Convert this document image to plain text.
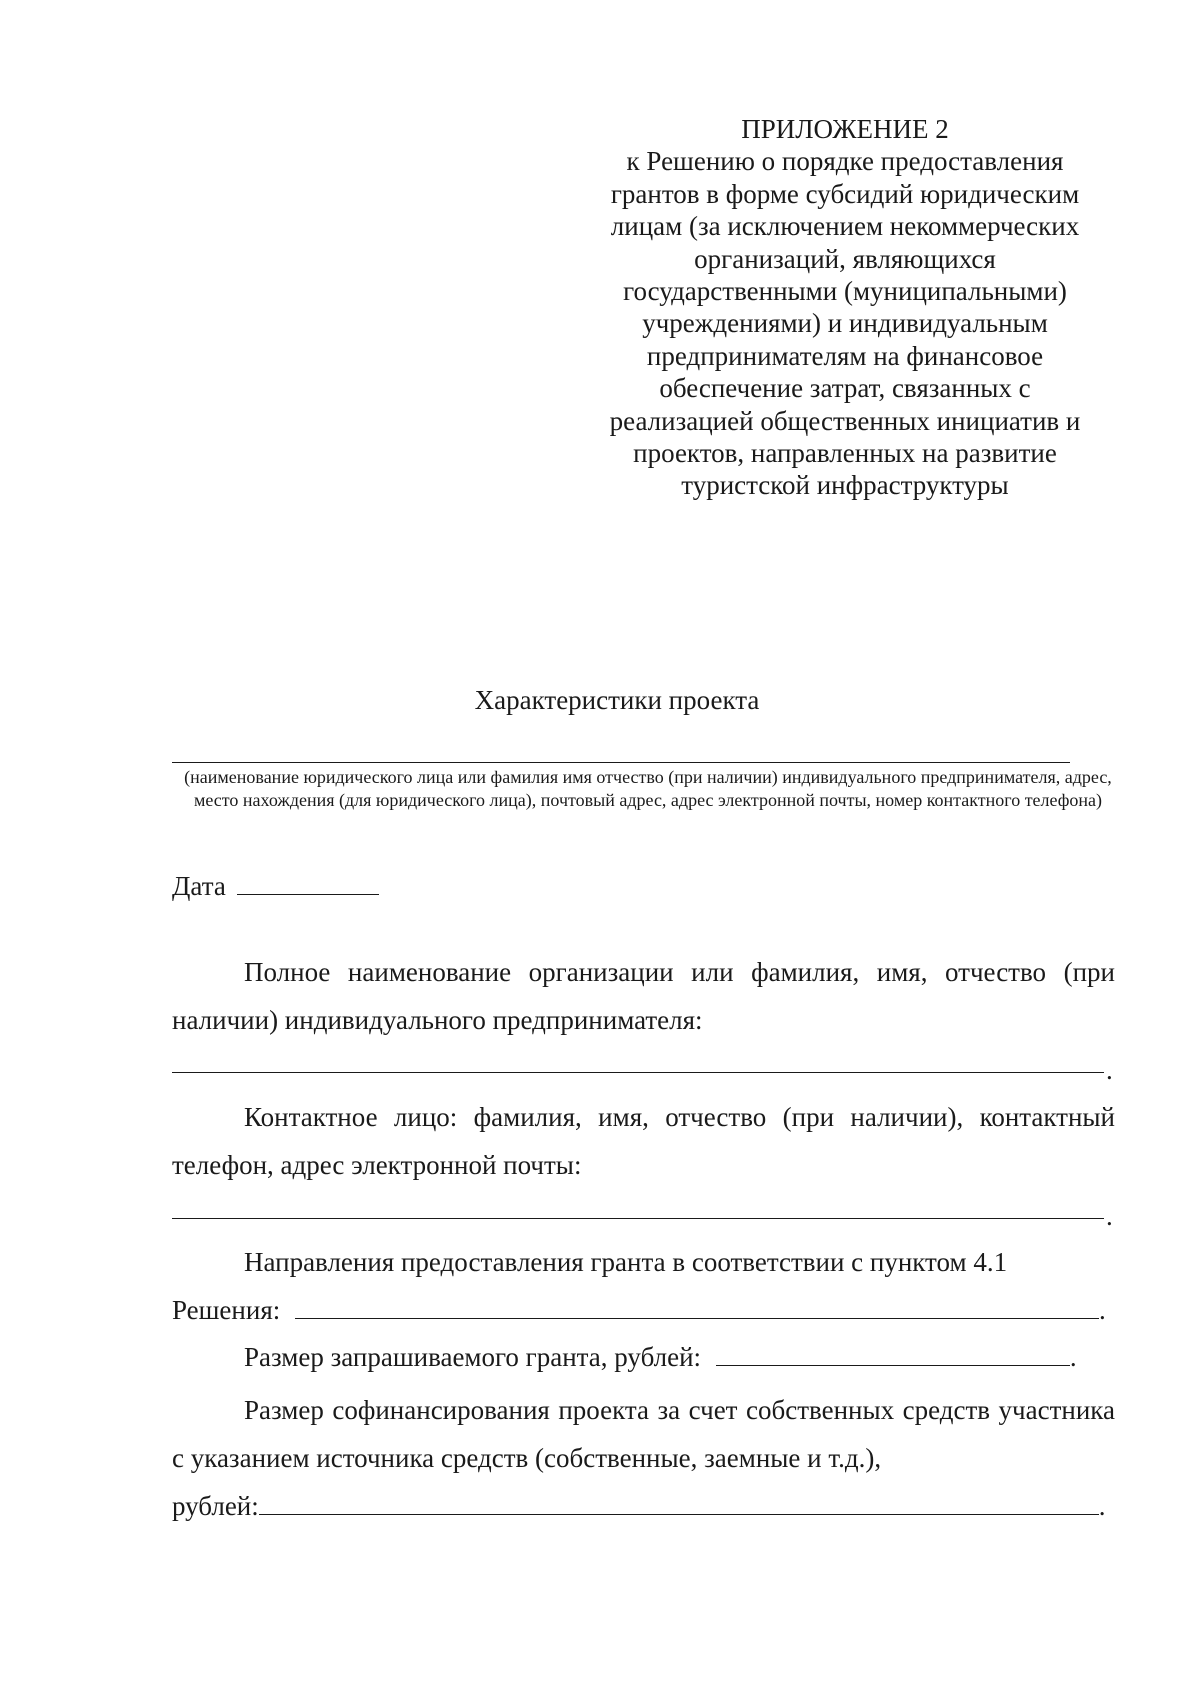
ПРИЛОЖЕНИЕ 2
к Решению о порядке предоставления
грантов в форме субсидий юридическим
лицам (за исключением некоммерческих
организаций, являющихся
государственными (муниципальными)
учреждениями) и индивидуальным
предпринимателям на финансовое
обеспечение затрат, связанных с
реализацией общественных инициатив и
проектов, направленных на развитие
туристской инфраструктуры
Характеристики проекта
(наименование юридического лица или фамилия имя отчество (при наличии) индивидуального предпринимателя, адрес, место нахождения (для юридического лица), почтовый адрес, адрес электронной почты, номер контактного телефона)
Дата
Полное наименование организации или фамилия, имя, отчество (при наличии) индивидуального предпринимателя:
.
Контактное лицо: фамилия, имя, отчество (при наличии), контактный телефон, адрес электронной почты:
.
Направления предоставления гранта в соответствии с пунктом 4.1
Решения:	.
Размер запрашиваемого гранта, рублей:	.
Размер софинансирования проекта за счет собственных средств участника с указанием источника средств (собственные, заемные и т.д.),
рублей:	.
